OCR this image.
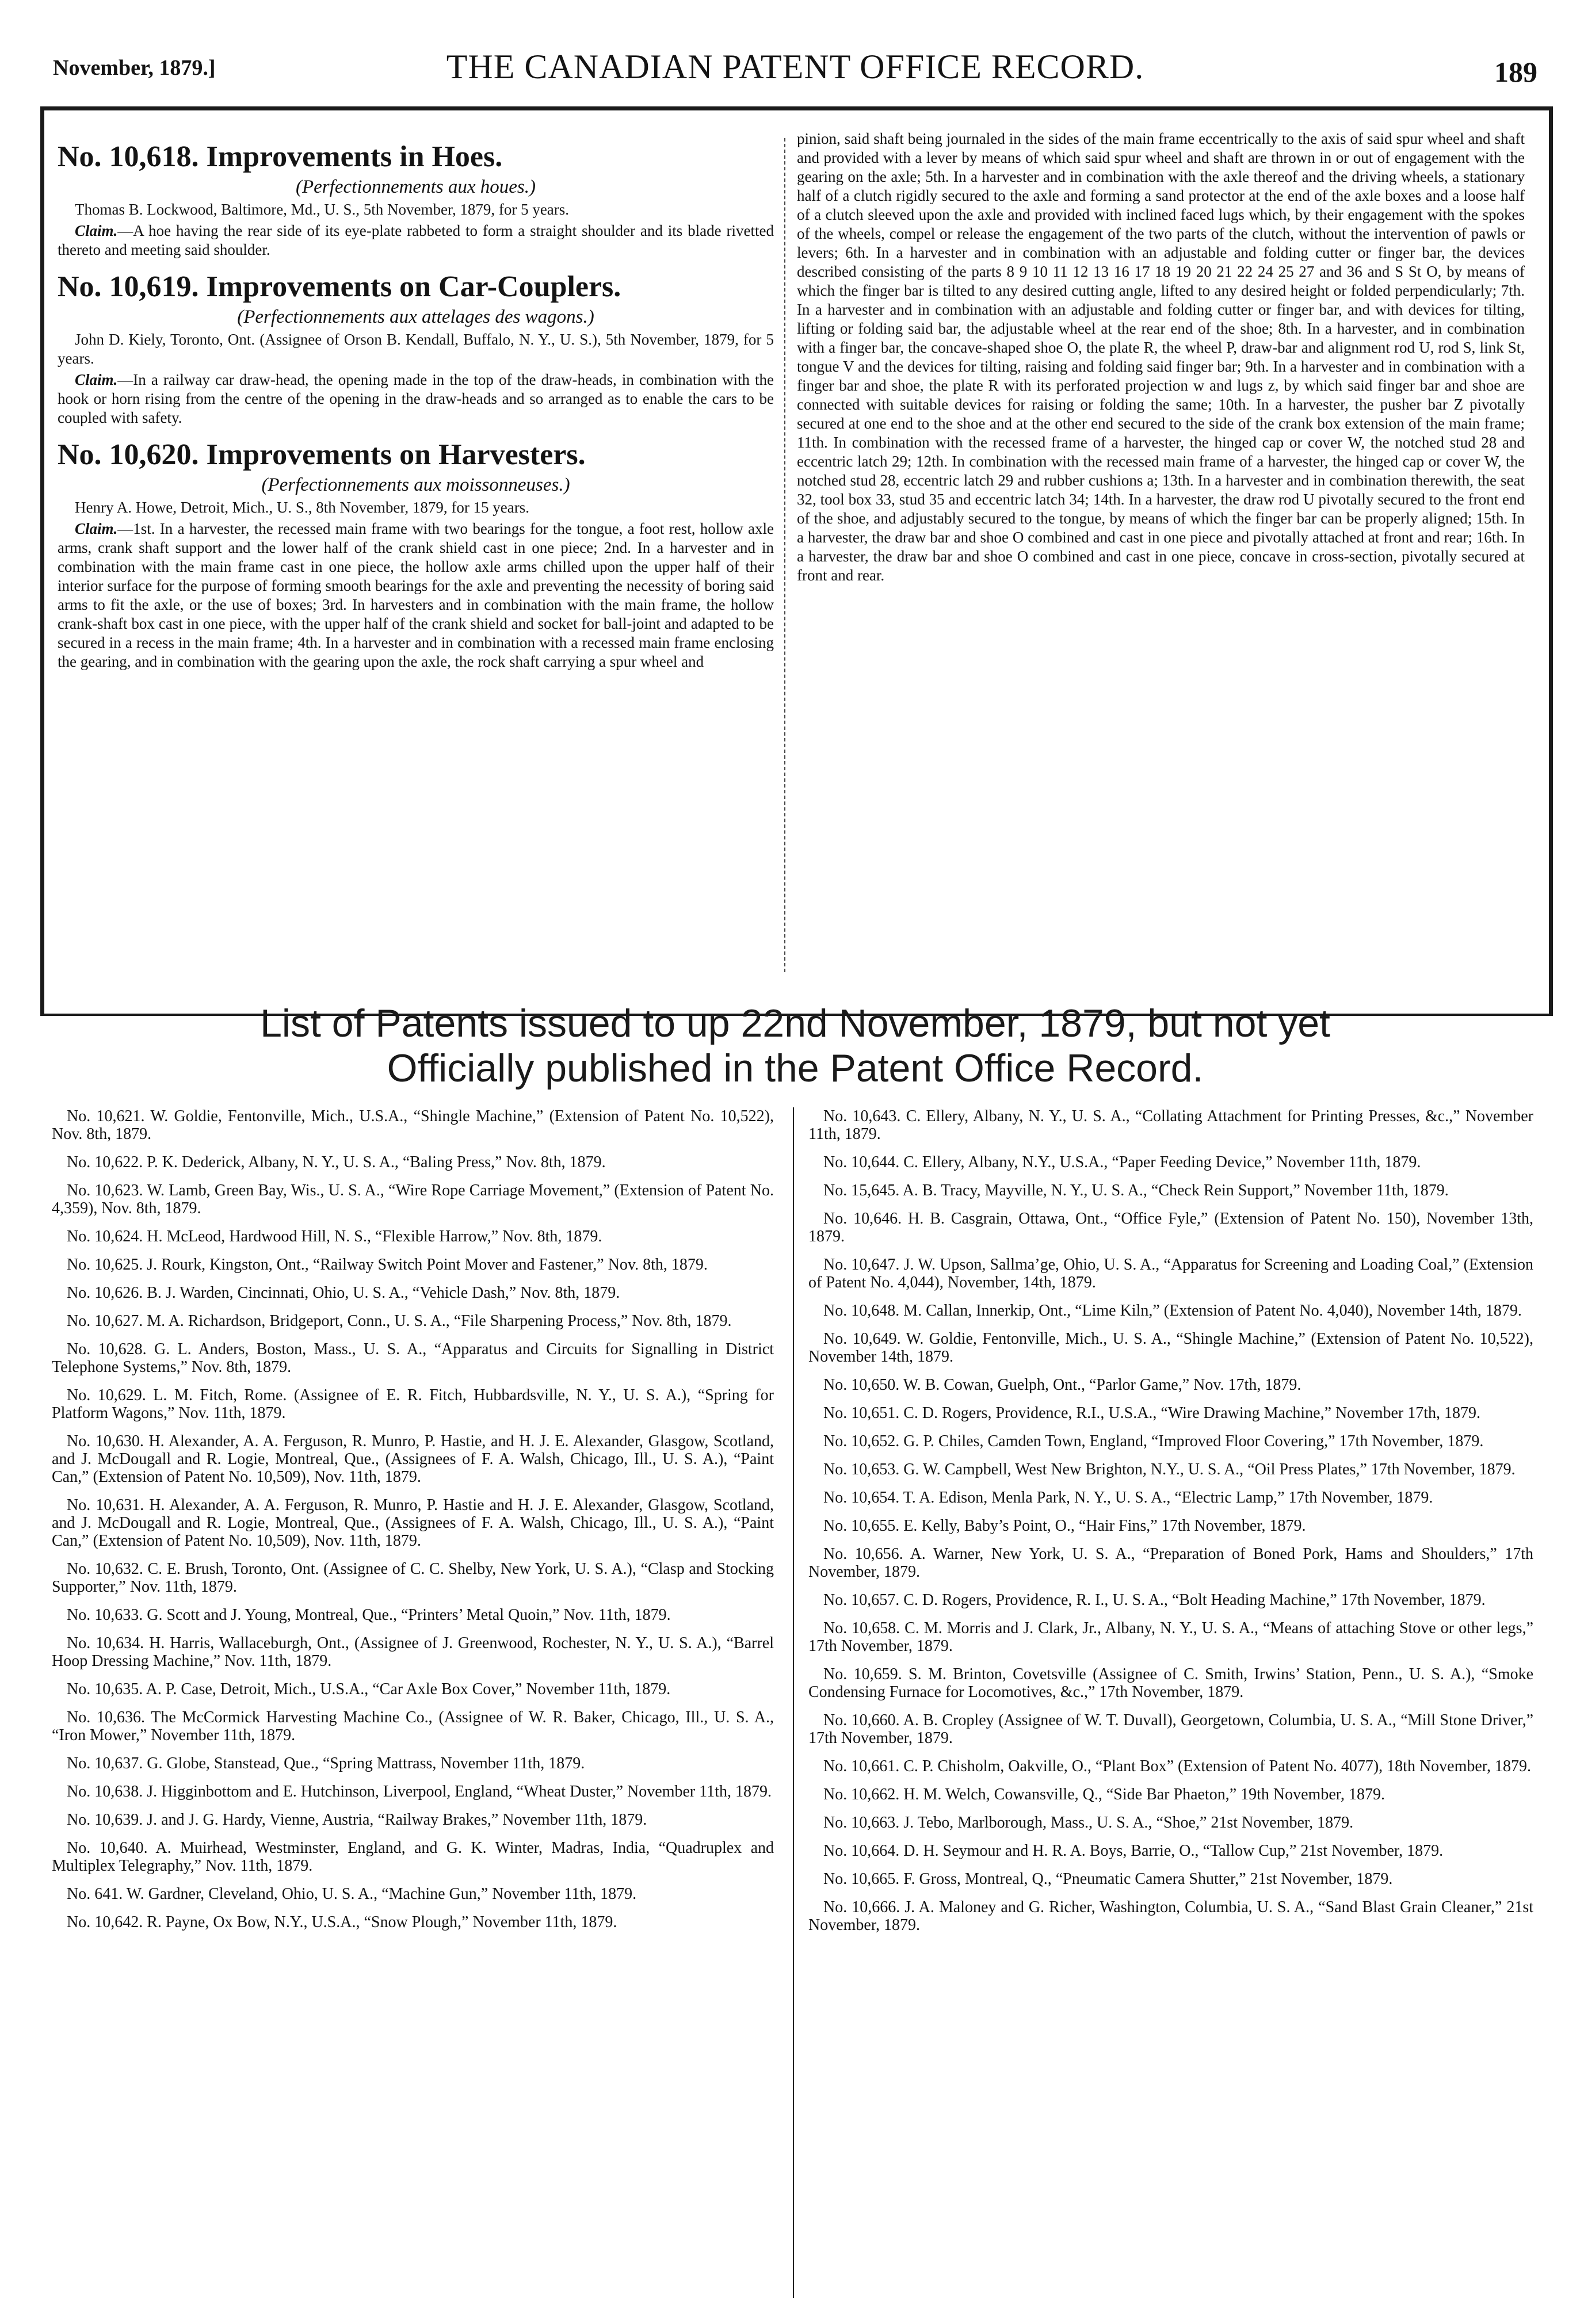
November, 1879.]	THE CANADIAN PATENT OFFICE RECORD.	189
No. 10,618. Improvements in Hoes.
(Perfectionnements aux houes.)

Thomas B. Lockwood, Baltimore, Md., U. S., 5th November, 1879, for 5 years.

Claim.—A hoe having the rear side of its eye-plate rabbeted to form a straight shoulder and its blade rivetted thereto and meeting said shoulder.

No. 10,619. Improvements on Car-Couplers.
(Perfectionnements aux attelages des wagons.)

John D. Kiely, Toronto, Ont. (Assignee of Orson B. Kendall, Buffalo, N. Y., U. S.), 5th November, 1879, for 5 years.

Claim.—In a railway car draw-head, the opening made in the top of the draw-heads, in combination with the hook or horn rising from the centre of the opening in the draw-heads and so arranged as to enable the cars to be coupled with safety.

No. 10,620. Improvements on Harvesters.
(Perfectionnements aux moissonneuses.)

Henry A. Howe, Detroit, Mich., U. S., 8th November, 1879, for 15 years.

Claim.—1st. In a harvester, the recessed main frame with two bearings for the tongue, a foot rest, hollow axle arms, crank shaft support and the lower half of the crank shield cast in one piece; 2nd. In a harvester and in combination with the main frame cast in one piece, the hollow axle arms chilled upon the upper half of their interior surface for the purpose of forming smooth bearings for the axle and preventing the necessity of boring said arms to fit the axle, or the use of boxes; 3rd. In harvesters and in combination with the main frame, the hollow crank-shaft box cast in one piece, with the upper half of the crank shield and socket for ball-joint and adapted to be secured in a recess in the main frame; 4th. In a harvester and in combination with a recessed main frame enclosing the gearing, and in combination with the gearing upon the axle, the rock shaft carrying a spur wheel and

pinion, said shaft being journaled in the sides of the main frame eccentrically to the axis of said spur wheel and shaft and provided with a lever by means of which said spur wheel and shaft are thrown in or out of engagement with the gearing on the axle; 5th. In a harvester and in combination with the axle thereof and the driving wheels, a stationary half of a clutch rigidly secured to the axle and forming a sand protector at the end of the axle boxes and a loose half of a clutch sleeved upon the axle and provided with inclined faced lugs which, by their engagement with the spokes of the wheels, compel or release the engagement of the two parts of the clutch, without the intervention of pawls or levers; 6th. In a harvester and in combination with an adjustable and folding cutter or finger bar, the devices described consisting of the parts 8 9 10 11 12 13 16 17 18 19 20 21 22 24 25 27 and 36 and S St O, by means of which the finger bar is tilted to any desired cutting angle, lifted to any desired height or folded perpendicularly; 7th. In a harvester and in combination with an adjustable and folding cutter or finger bar, and with devices for tilting, lifting or folding said bar, the adjustable wheel at the rear end of the shoe; 8th. In a harvester, and in combination with a finger bar, the concave-shaped shoe O, the plate R, the wheel P, draw-bar and alignment rod U, rod S, link St, tongue V and the devices for tilting, raising and folding said finger bar; 9th. In a harvester and in combination with a finger bar and shoe, the plate R with its perforated projection w and lugs z, by which said finger bar and shoe are connected with suitable devices for raising or folding the same; 10th. In a harvester, the pusher bar Z pivotally secured at one end to the shoe and at the other end secured to the side of the crank box extension of the main frame; 11th. In combination with the recessed frame of a harvester, the hinged cap or cover W, the notched stud 28 and eccentric latch 29; 12th. In combination with the recessed main frame of a harvester, the hinged cap or cover W, the notched stud 28, eccentric latch 29 and rubber cushions a; 13th. In a harvester and in combination therewith, the seat 32, tool box 33, stud 35 and eccentric latch 34; 14th. In a harvester, the draw rod U pivotally secured to the front end of the shoe, and adjustably secured to the tongue, by means of which the finger bar can be properly aligned; 15th. In a harvester, the draw bar and shoe O combined and cast in one piece and pivotally attached at front and rear; 16th. In a harvester, the draw bar and shoe O combined and cast in one piece, concave in cross-section, pivotally secured at front and rear.

List of Patents issued to up 22nd November, 1879, but not yet
Officially published in the Patent Office Record.

No. 10,621. W. Goldie, Fentonville, Mich., U.S.A., “Shingle Machine,” (Extension of Patent No. 10,522), Nov. 8th, 1879.

No. 10,622. P. K. Dederick, Albany, N. Y., U. S. A., “Baling Press,” Nov. 8th, 1879.

No. 10,623. W. Lamb, Green Bay, Wis., U. S. A., “Wire Rope Carriage Movement,” (Extension of Patent No. 4,359), Nov. 8th, 1879.

No. 10,624. H. McLeod, Hardwood Hill, N. S., “Flexible Harrow,” Nov. 8th, 1879.

No. 10,625. J. Rourk, Kingston, Ont., “Railway Switch Point Mover and Fastener,” Nov. 8th, 1879.

No. 10,626. B. J. Warden, Cincinnati, Ohio, U. S. A., “Vehicle Dash,” Nov. 8th, 1879.

No. 10,627. M. A. Richardson, Bridgeport, Conn., U. S. A., “File Sharpening Process,” Nov. 8th, 1879.

No. 10,628. G. L. Anders, Boston, Mass., U. S. A., “Apparatus and Circuits for Signalling in District Telephone Systems,” Nov. 8th, 1879.

No. 10,629. L. M. Fitch, Rome. (Assignee of E. R. Fitch, Hubbardsville, N. Y., U. S. A.), “Spring for Platform Wagons,” Nov. 11th, 1879.

No. 10,630. H. Alexander, A. A. Ferguson, R. Munro, P. Hastie, and H. J. E. Alexander, Glasgow, Scotland, and J. McDougall and R. Logie, Montreal, Que., (Assignees of F. A. Walsh, Chicago, Ill., U. S. A.), “Paint Can,” (Extension of Patent No. 10,509), Nov. 11th, 1879.

No. 10,631. H. Alexander, A. A. Ferguson, R. Munro, P. Hastie and H. J. E. Alexander, Glasgow, Scotland, and J. McDougall and R. Logie, Montreal, Que., (Assignees of F. A. Walsh, Chicago, Ill., U. S. A.), “Paint Can,” (Extension of Patent No. 10,509), Nov. 11th, 1879.

No. 10,632. C. E. Brush, Toronto, Ont. (Assignee of C. C. Shelby, New York, U. S. A.), “Clasp and Stocking Supporter,” Nov. 11th, 1879.

No. 10,633. G. Scott and J. Young, Montreal, Que., “Printers’ Metal Quoin,” Nov. 11th, 1879.

No. 10,634. H. Harris, Wallaceburgh, Ont., (Assignee of J. Greenwood, Rochester, N. Y., U. S. A.), “Barrel Hoop Dressing Machine,” Nov. 11th, 1879.

No. 10,635. A. P. Case, Detroit, Mich., U.S.A., “Car Axle Box Cover,” November 11th, 1879.

No. 10,636. The McCormick Harvesting Machine Co., (Assignee of W. R. Baker, Chicago, Ill., U. S. A., “Iron Mower,” November 11th, 1879.

No. 10,637. G. Globe, Stanstead, Que., “Spring Mattrass, November 11th, 1879.

No. 10,638. J. Higginbottom and E. Hutchinson, Liverpool, England, “Wheat Duster,” November 11th, 1879.

No. 10,639. J. and J. G. Hardy, Vienne, Austria, “Railway Brakes,” November 11th, 1879.

No. 10,640. A. Muirhead, Westminster, England, and G. K. Winter, Madras, India, “Quadruplex and Multiplex Telegraphy,” Nov. 11th, 1879.

No. 641. W. Gardner, Cleveland, Ohio, U. S. A., “Machine Gun,” November 11th, 1879.

No. 10,642. R. Payne, Ox Bow, N.Y., U.S.A., “Snow Plough,” November 11th, 1879.

No. 10,643. C. Ellery, Albany, N. Y., U. S. A., “Collating Attachment for Printing Presses, &c.,” November 11th, 1879.

No. 10,644. C. Ellery, Albany, N.Y., U.S.A., “Paper Feeding Device,” November 11th, 1879.

No. 15,645. A. B. Tracy, Mayville, N. Y., U. S. A., “Check Rein Support,” November 11th, 1879.

No. 10,646. H. B. Casgrain, Ottawa, Ont., “Office Fyle,” (Extension of Patent No. 150), November 13th, 1879.

No. 10,647. J. W. Upson, Sallma’ge, Ohio, U. S. A., “Apparatus for Screening and Loading Coal,” (Extension of Patent No. 4,044), November, 14th, 1879.

No. 10,648. M. Callan, Innerkip, Ont., “Lime Kiln,” (Extension of Patent No. 4,040), November 14th, 1879.

No. 10,649. W. Goldie, Fentonville, Mich., U. S. A., “Shingle Machine,” (Extension of Patent No. 10,522), November 14th, 1879.

No. 10,650. W. B. Cowan, Guelph, Ont., “Parlor Game,” Nov. 17th, 1879.

No. 10,651. C. D. Rogers, Providence, R.I., U.S.A., “Wire Drawing Machine,” November 17th, 1879.

No. 10,652. G. P. Chiles, Camden Town, England, “Improved Floor Covering,” 17th November, 1879.

No. 10,653. G. W. Campbell, West New Brighton, N.Y., U. S. A., “Oil Press Plates,” 17th November, 1879.

No. 10,654. T. A. Edison, Menla Park, N. Y., U. S. A., “Electric Lamp,” 17th November, 1879.

No. 10,655. E. Kelly, Baby’s Point, O., “Hair Fins,” 17th November, 1879.

No. 10,656. A. Warner, New York, U. S. A., “Preparation of Boned Pork, Hams and Shoulders,” 17th November, 1879.

No. 10,657. C. D. Rogers, Providence, R. I., U. S. A., “Bolt Heading Machine,” 17th November, 1879.

No. 10,658. C. M. Morris and J. Clark, Jr., Albany, N. Y., U. S. A., “Means of attaching Stove or other legs,” 17th November, 1879.

No. 10,659. S. M. Brinton, Covetsville (Assignee of C. Smith, Irwins’ Station, Penn., U. S. A.), “Smoke Condensing Furnace for Locomotives, &c.,” 17th November, 1879.

No. 10,660. A. B. Cropley (Assignee of W. T. Duvall), Georgetown, Columbia, U. S. A., “Mill Stone Driver,” 17th November, 1879.

No. 10,661. C. P. Chisholm, Oakville, O., “Plant Box” (Extension of Patent No. 4077), 18th November, 1879.

No. 10,662. H. M. Welch, Cowansville, Q., “Side Bar Phaeton,” 19th November, 1879.

No. 10,663. J. Tebo, Marlborough, Mass., U. S. A., “Shoe,” 21st November, 1879.

No. 10,664. D. H. Seymour and H. R. A. Boys, Barrie, O., “Tallow Cup,” 21st November, 1879.

No. 10,665. F. Gross, Montreal, Q., “Pneumatic Camera Shutter,” 21st November, 1879.

No. 10,666. J. A. Maloney and G. Richer, Washington, Columbia, U. S. A., “Sand Blast Grain Cleaner,” 21st November, 1879.
